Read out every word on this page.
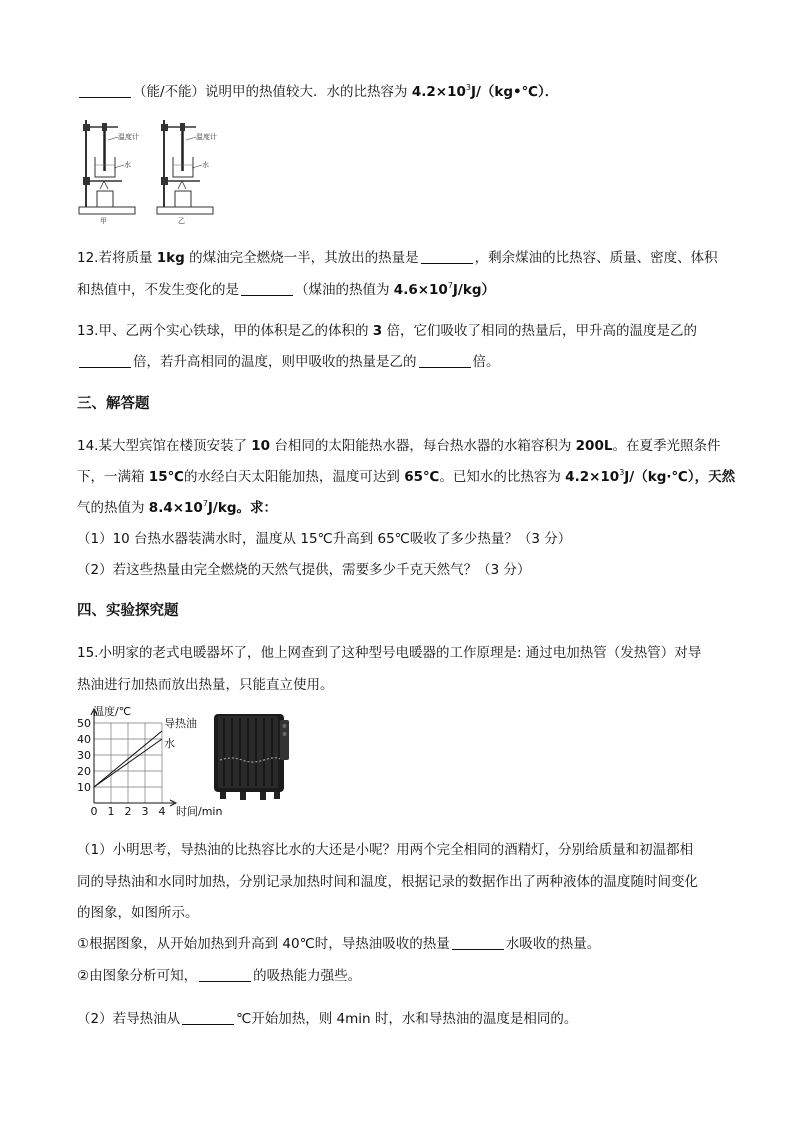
（能/不能）说明甲的热值较大．水的比热容为 $4.2\times 10^3J/(kg•℃)$．
温度计
水
甲
温度计
水
乙
12.若将质量 1kg 的煤油完全燃烧一半，其放出的热量是	，剩余煤油的比热容、质量、密度、体积
和热值中，不发生变化的是	（煤油的热值为 $4.6\times 10^7J/kg$）
13.甲、乙两个实心铁球，甲的体积是乙的体积的 3 倍，它们吸收了相同的热量后，甲升高的温度是乙的
倍，若升高相同的温度，则甲吸收的热量是乙的	倍。
三、解答题
14.某大型宾馆在楼顶安装了 10 台相同的太阳能热水器，每台热水器的水箱容积为 200L。在夏季光照条件
下，一满箱 15℃的水经白天太阳能加热，温度可达到 65℃。已知水的比热容为 $4.2\times 10^3J/(kg\cdot℃)$，天然
气的热值为 $8.4\times 10^7J/kg$。求：
（1）10 台热水器装满水时，温度从 15℃升高到 65℃吸收了多少热量？（3 分）
（2）若这些热量由完全燃烧的天然气提供，需要多少千克天然气？（3 分）
四、实验探究题
15.小明家的老式电暖器坏了，他上网查到了这种型号电暖器的工作原理是: 通过电加热管（发热管）对导
热油进行加热而放出热量，只能直立使用。
10
20
30
40
50
0 1 2 3 4
导热油
水
温度/℃
时间/min
（1）小明思考，导热油的比热容比水的大还是小呢？用两个完全相同的酒精灯，分别给质量和初温都相
同的导热油和水同时加热，分别记录加热时间和温度，根据记录的数据作出了两种液体的温度随时间变化
的图象，如图所示。
①根据图象，从开始加热到升高到 40℃时，导热油吸收的热量	水吸收的热量。
②由图象分析可知，	的吸热能力强些。
（2）若导热油从	℃开始加热，则 4min 时，水和导热油的温度是相同的。
